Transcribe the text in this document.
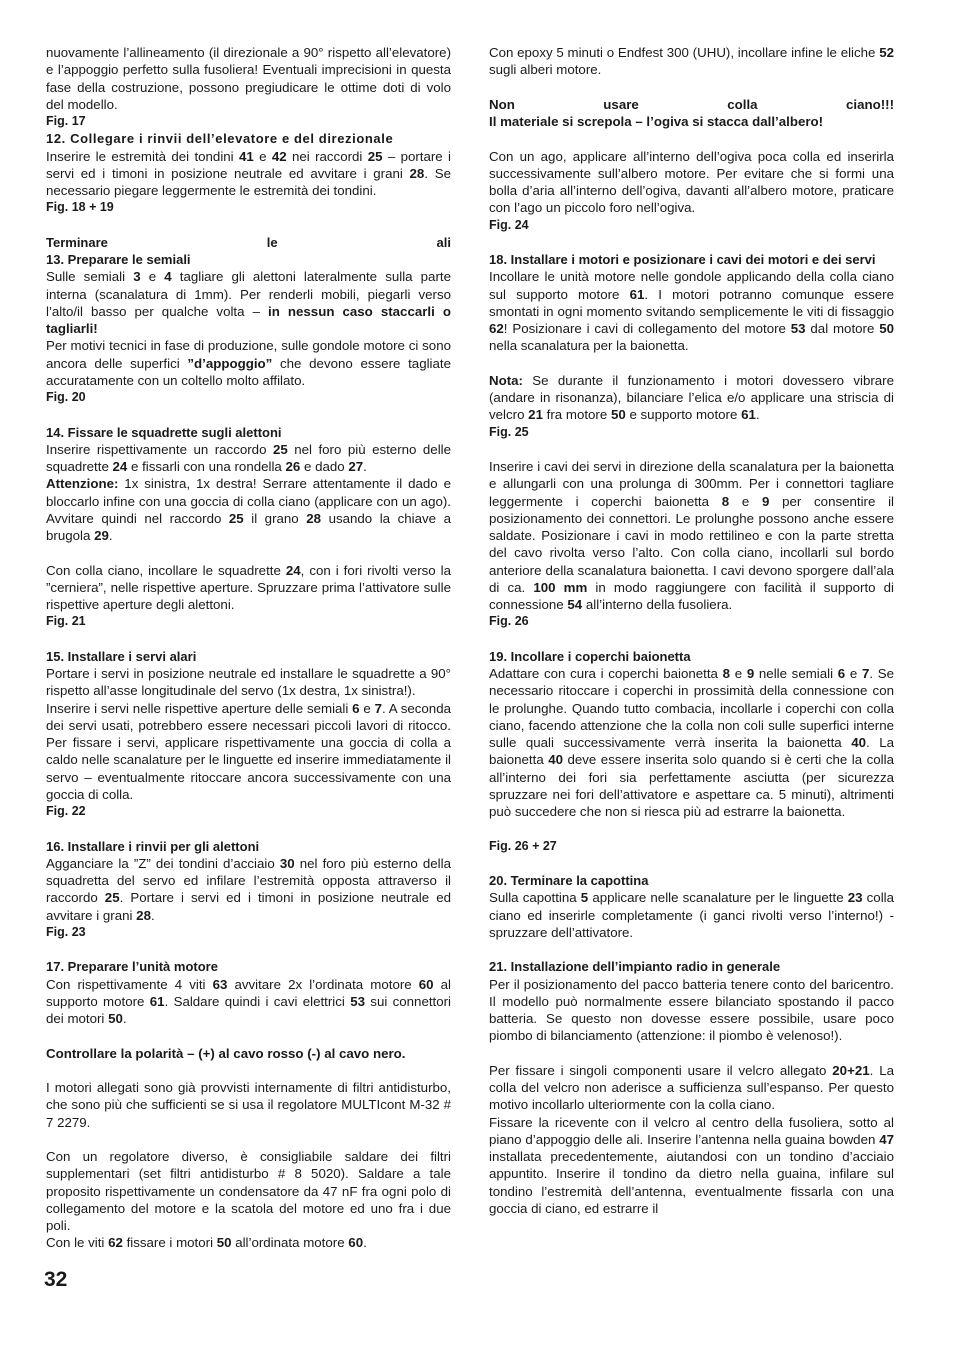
nuovamente l’allineamento (il direzionale a 90° rispetto all’elevatore) e l’appoggio perfetto sulla fusoliera! Eventuali imprecisioni in questa fase della costruzione, possono pregiudicare le ottime doti di volo del modello.

Fig. 17

12. Collegare i rinvii dell’elevatore e del direzionale

Inserire le estremità dei tondini 41 e 42 nei raccordi 25 – portare i servi ed i timoni in posizione neutrale ed avvitare i grani 28. Se necessario piegare leggermente le estremità dei tondini.

Fig. 18 + 19

Terminare le ali

13. Preparare le semiali

Sulle semiali 3 e 4 tagliare gli alettoni lateralmente sulla parte interna (scanalatura di 1mm). Per renderli mobili, piegarli verso l’alto/il basso per qualche volta – in nessun caso staccarli o tagliarli!

Per motivi tecnici in fase di produzione, sulle gondole motore ci sono ancora delle superfici ”d’appoggio” che devono essere tagliate accuratamente con un coltello molto affilato.

Fig. 20

14. Fissare le squadrette sugli alettoni

Inserire rispettivamente un raccordo 25 nel foro più esterno delle squadrette 24 e fissarli con una rondella 26 e dado 27.

Attenzione: 1x sinistra, 1x destra! Serrare attentamente il dado e bloccarlo infine con una goccia di colla ciano (applicare con un ago). Avvitare quindi nel raccordo 25 il grano 28 usando la chiave a brugola 29.

Con colla ciano, incollare le squadrette 24, con i fori rivolti verso la ”cerniera”, nelle rispettive aperture. Spruzzare prima l’attivatore sulle rispettive aperture degli alettoni.

Fig. 21

15. Installare i servi alari

Portare i servi in posizione neutrale ed installare le squadrette a 90° rispetto all’asse longitudinale del servo (1x destra, 1x sinistra!).

Inserire i servi nelle rispettive aperture delle semiali 6 e 7. A seconda dei servi usati, potrebbero essere necessari piccoli lavori di ritocco. Per fissare i servi, applicare rispettivamente una goccia di colla a caldo nelle scanalature per le linguette ed inserire immediatamente il servo – eventualmente ritoccare ancora successivamente con una goccia di colla.

Fig. 22

16. Installare i rinvii per gli alettoni

Agganciare la ”Z” dei tondini d’acciaio 30 nel foro più esterno della squadretta del servo ed infilare l’estremità opposta attraverso il raccordo 25. Portare i servi ed i timoni in posizione neutrale ed avvitare i grani 28.

Fig. 23

17. Preparare l’unità motore

Con rispettivamente 4 viti 63 avvitare 2x l’ordinata motore 60 al supporto motore 61. Saldare quindi i cavi elettrici 53 sui connettori dei motori 50.

Controllare la polarità – (+) al cavo rosso (-) al cavo nero.

I motori allegati sono già provvisti internamente di filtri antidisturbo, che sono più che sufficienti se si usa il regolatore MULTIcont M-32 # 7 2279.

Con un regolatore diverso, è consigliabile saldare dei filtri supplementari (set filtri antidisturbo # 8 5020). Saldare a tale proposito rispettivamente un condensatore da 47 nF fra ogni polo di collegamento del motore e la scatola del motore ed uno fra i due poli.

Con le viti 62 fissare i motori 50 all’ordinata motore 60.

Con epoxy 5 minuti o Endfest 300 (UHU), incollare infine le eliche 52 sugli alberi motore.

Non usare colla ciano!!!

Il materiale si screpola – l’ogiva si stacca dall’albero!

Con un ago, applicare all’interno dell’ogiva poca colla ed inserirla successivamente sull’albero motore. Per evitare che si formi una bolla d’aria all’interno dell’ogiva, davanti all’albero motore, praticare con l’ago un piccolo foro nell’ogiva.

Fig. 24

18. Installare i motori e posizionare i cavi dei motori e dei servi

Incollare le unità motore nelle gondole applicando della colla ciano sul supporto motore 61. I motori potranno comunque essere smontati in ogni momento svitando semplicemente le viti di fissaggio 62! Posizionare i cavi di collegamento del motore 53 dal motore 50 nella scanalatura per la baionetta.

Nota: Se durante il funzionamento i motori dovessero vibrare (andare in risonanza), bilanciare l’elica e/o applicare una striscia di velcro 21 fra motore 50 e supporto motore 61.

Fig. 25

Inserire i cavi dei servi in direzione della scanalatura per la baionetta e allungarli con una prolunga di 300mm. Per i connettori tagliare leggermente i coperchi baionetta 8 e 9 per consentire il posizionamento dei connettori. Le prolunghe possono anche essere saldate. Posizionare i cavi in modo rettilineo e con la parte stretta del cavo rivolta verso l’alto. Con colla ciano, incollarli sul bordo anteriore della scanalatura baionetta. I cavi devono sporgere dall’ala di ca. 100 mm in modo raggiungere con facilità il supporto di connessione 54 all’interno della fusoliera.

Fig. 26

19. Incollare i coperchi baionetta

Adattare con cura i coperchi baionetta 8 e 9 nelle semiali 6 e 7. Se necessario ritoccare i coperchi in prossimità della connessione con le prolunghe. Quando tutto combacia, incollarle i coperchi con colla ciano, facendo attenzione che la colla non coli sulle superfici interne sulle quali successivamente verrà inserita la baionetta 40. La baionetta 40 deve essere inserita solo quando si è certi che la colla all’interno dei fori sia perfettamente asciutta (per sicurezza spruzzare nei fori dell’attivatore e aspettare ca. 5 minuti), altrimenti può succedere che non si riesca più ad estrarre la baionetta.

Fig. 26 + 27

20. Terminare la capottina

Sulla capottina 5 applicare nelle scanalature per le linguette 23 colla ciano ed inserirle completamente (i ganci rivolti verso l’interno!) - spruzzare dell’attivatore.

21. Installazione dell’impianto radio in generale

Per il posizionamento del pacco batteria tenere conto del baricentro. Il modello può normalmente essere bilanciato spostando il pacco batteria. Se questo non dovesse essere possibile, usare poco piombo di bilanciamento (attenzione: il piombo è velenoso!).

Per fissare i singoli componenti usare il velcro allegato 20+21. La colla del velcro non aderisce a sufficienza sull’espanso. Per questo motivo incollarlo ulteriormente con la colla ciano.

Fissare la ricevente con il velcro al centro della fusoliera, sotto al piano d’appoggio delle ali. Inserire l’antenna nella guaina bowden 47 installata precedentemente, aiutandosi con un tondino d’acciaio appuntito. Inserire il tondino da dietro nella guaina, infilare sul tondino l’estremità dell’antenna, eventualmente fissarla con una goccia di ciano, ed estrarre il

32
